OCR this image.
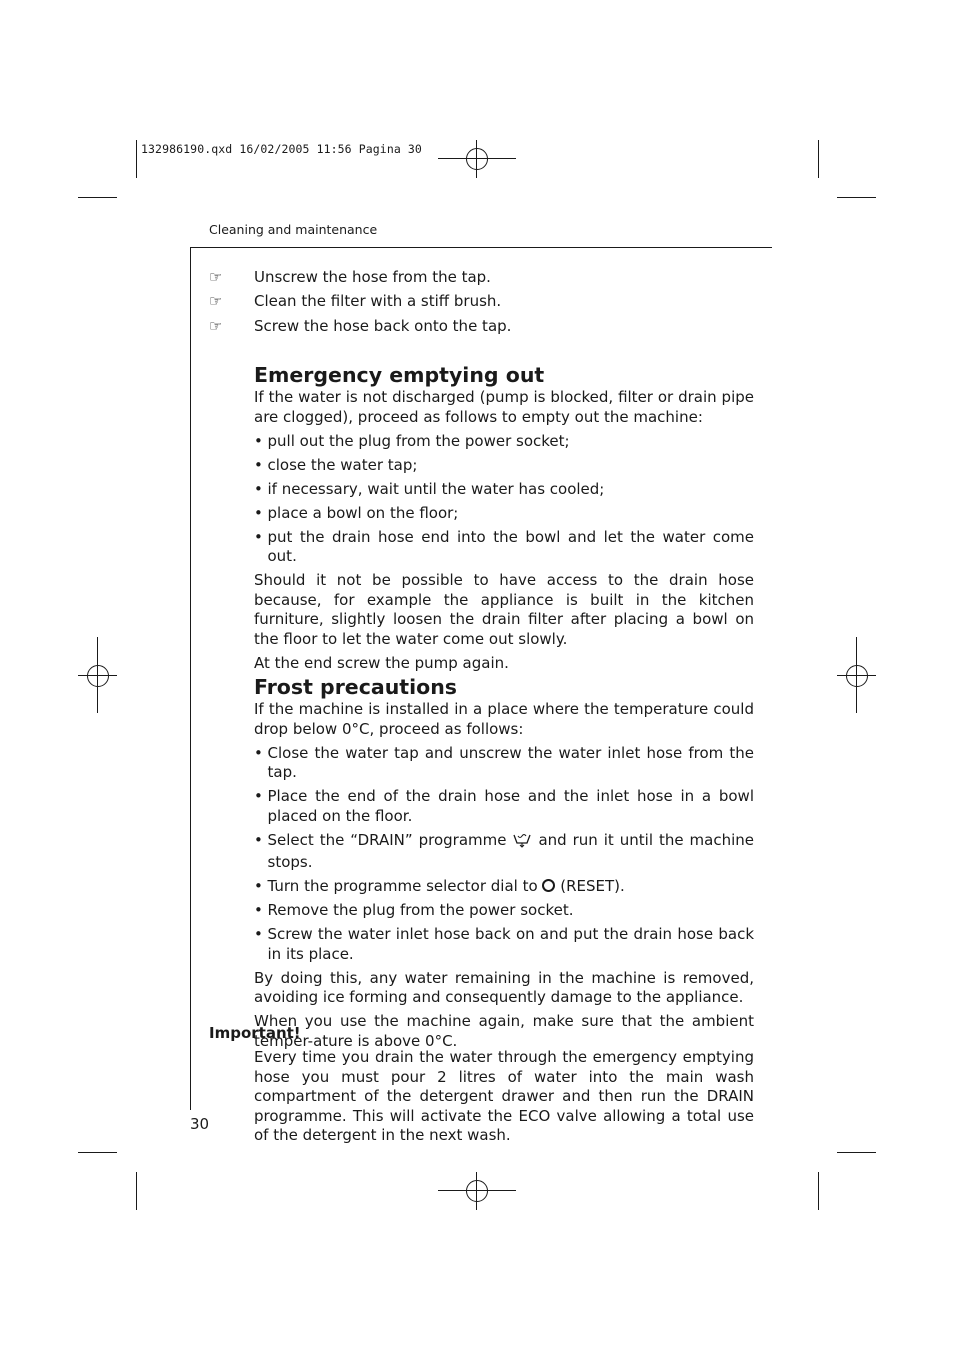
132986190.qxd 16/02/2005 11:56 Pagina 30
Cleaning and maintenance
☞ Unscrew the hose from the tap.
☞ Clean the filter with a stiff brush.
☞ Screw the hose back onto the tap.
Emergency emptying out

If the water is not discharged (pump is blocked, filter or drain pipe are clogged), proceed as follows to empty out the machine:

• pull out the plug from the power socket;
• close the water tap;
• if necessary, wait until the water has cooled;
• place a bowl on the floor;
• put the drain hose end into the bowl and let the water come out.

Should it not be possible to have access to the drain hose because, for example the appliance is built in the kitchen furniture, slightly loosen the drain filter after placing a bowl on the floor to let the water come out slowly.

At the end screw the pump again.

Frost precautions

If the machine is installed in a place where the temperature could drop below 0°C, proceed as follows:

• Close the water tap and unscrew the water inlet hose from the tap.
• Place the end of the drain hose and the inlet hose in a bowl placed on the floor.
• Select the “DRAIN” programme and run it until the machine stops.
• Turn the programme selector dial to (RESET).
• Remove the plug from the power socket.
• Screw the water inlet hose back on and put the drain hose back in its place.

By doing this, any water remaining in the machine is removed, avoiding ice forming and consequently damage to the appliance.

When you use the machine again, make sure that the ambient temper-ature is above 0°C.

Important!

Every time you drain the water through the emergency emptying hose you must pour 2 litres of water into the main wash compartment of the detergent drawer and then run the DRAIN programme. This will activate the ECO valve allowing a total use of the detergent in the next wash.

30
